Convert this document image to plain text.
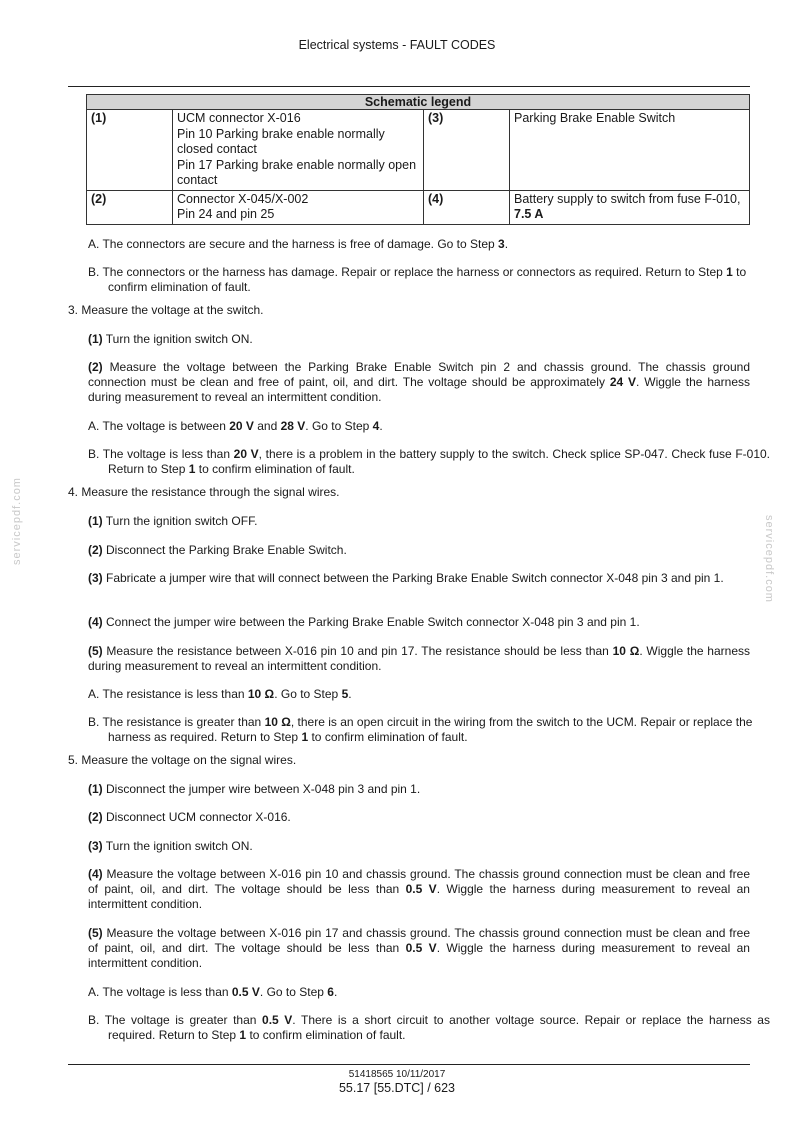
Electrical systems - FAULT CODES
Schematic legend			
(1)	UCM connector X-016
Pin 10 Parking brake enable normally closed contact
Pin 17 Parking brake enable normally open contact	(3)	Parking Brake Enable Switch
(2)	Connector X-045/X-002
Pin 24 and pin 25	(4)	Battery supply to switch from fuse F-010,
7.5 A
A. The connectors are secure and the harness is free of damage. Go to Step 3.
B. The connectors or the harness has damage. Repair or replace the harness or connectors as required. Return to Step 1 to confirm elimination of fault.
3. Measure the voltage at the switch.
(1) Turn the ignition switch ON.
(2) Measure the voltage between the Parking Brake Enable Switch pin 2 and chassis ground. The chassis ground connection must be clean and free of paint, oil, and dirt. The voltage should be approximately 24 V. Wiggle the harness during measurement to reveal an intermittent condition.
A. The voltage is between 20 V and 28 V. Go to Step 4.
B. The voltage is less than 20 V, there is a problem in the battery supply to the switch. Check splice SP-047. Check fuse F-010. Return to Step 1 to confirm elimination of fault.
4. Measure the resistance through the signal wires.
(1) Turn the ignition switch OFF.
(2) Disconnect the Parking Brake Enable Switch.
(3) Fabricate a jumper wire that will connect between the Parking Brake Enable Switch connector X-048 pin 3 and pin 1.
(4) Connect the jumper wire between the Parking Brake Enable Switch connector X-048 pin 3 and pin 1.
(5) Measure the resistance between X-016 pin 10 and pin 17. The resistance should be less than 10 Ω. Wiggle the harness during measurement to reveal an intermittent condition.
A. The resistance is less than 10 Ω. Go to Step 5.
B. The resistance is greater than 10 Ω, there is an open circuit in the wiring from the switch to the UCM. Repair or replace the harness as required. Return to Step 1 to confirm elimination of fault.
5. Measure the voltage on the signal wires.
(1) Disconnect the jumper wire between X-048 pin 3 and pin 1.
(2) Disconnect UCM connector X-016.
(3) Turn the ignition switch ON.
(4) Measure the voltage between X-016 pin 10 and chassis ground. The chassis ground connection must be clean and free of paint, oil, and dirt. The voltage should be less than 0.5 V. Wiggle the harness during measurement to reveal an intermittent condition.
(5) Measure the voltage between X-016 pin 17 and chassis ground. The chassis ground connection must be clean and free of paint, oil, and dirt. The voltage should be less than 0.5 V. Wiggle the harness during measurement to reveal an intermittent condition.
A. The voltage is less than 0.5 V. Go to Step 6.
B. The voltage is greater than 0.5 V. There is a short circuit to another voltage source. Repair or replace the harness as required. Return to Step 1 to confirm elimination of fault.
servicepdf.com	servicepdf.com
51418565 10/11/2017
55.17 [55.DTC] / 623
